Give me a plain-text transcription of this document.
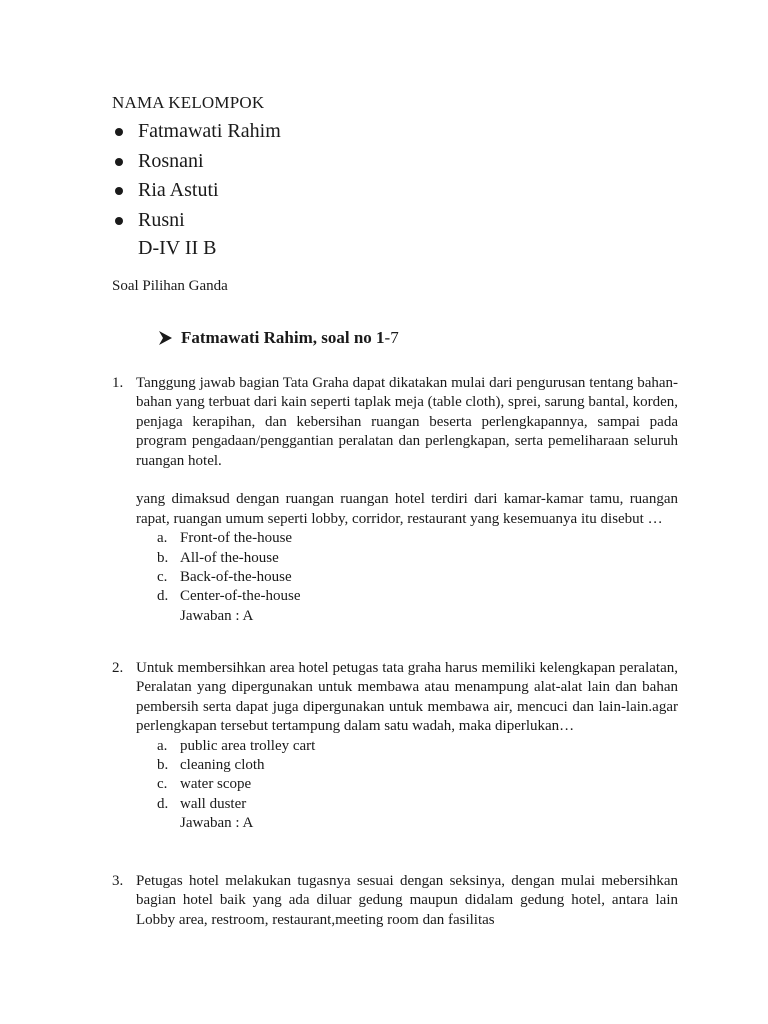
NAMA KELOMPOK
Fatmawati Rahim
Rosnani
Ria Astuti
Rusni
D-IV II B
Soal Pilihan Ganda
Fatmawati Rahim, soal no 1 -7
1. Tanggung jawab bagian Tata Graha dapat dikatakan mulai dari pengurusan tentang bahan-bahan yang terbuat dari kain seperti taplak meja (table cloth), sprei, sarung bantal, korden, penjaga kerapihan, dan kebersihan ruangan beserta perlengkapannya, sampai pada program pengadaan/penggantian peralatan dan perlengkapan, serta pemeliharaan seluruh ruangan hotel.

yang dimaksud dengan ruangan ruangan hotel terdiri dari kamar-kamar tamu, ruangan rapat, ruangan umum seperti lobby, corridor, restaurant yang kesemuanya itu disebut …

a. Front-of the-house
b. All-of the-house
c. Back-of-the-house
d. Center-of-the-house
Jawaban : A
2. Untuk membersihkan area hotel petugas tata graha harus memiliki kelengkapan peralatan, Peralatan yang dipergunakan untuk membawa atau menampung alat-alat lain dan bahan pembersih serta dapat juga dipergunakan untuk membawa air, mencuci dan lain-lain.agar perlengkapan tersebut tertampung dalam satu wadah, maka diperlukan…

a. public area trolley cart
b. cleaning cloth
c. water scope
d. wall duster
Jawaban : A
3. Petugas hotel melakukan tugasnya sesuai dengan seksinya, dengan mulai mebersihkan bagian hotel baik yang ada diluar gedung maupun didalam gedung hotel, antara lain Lobby area, restroom, restaurant,meeting room dan fasilitas
